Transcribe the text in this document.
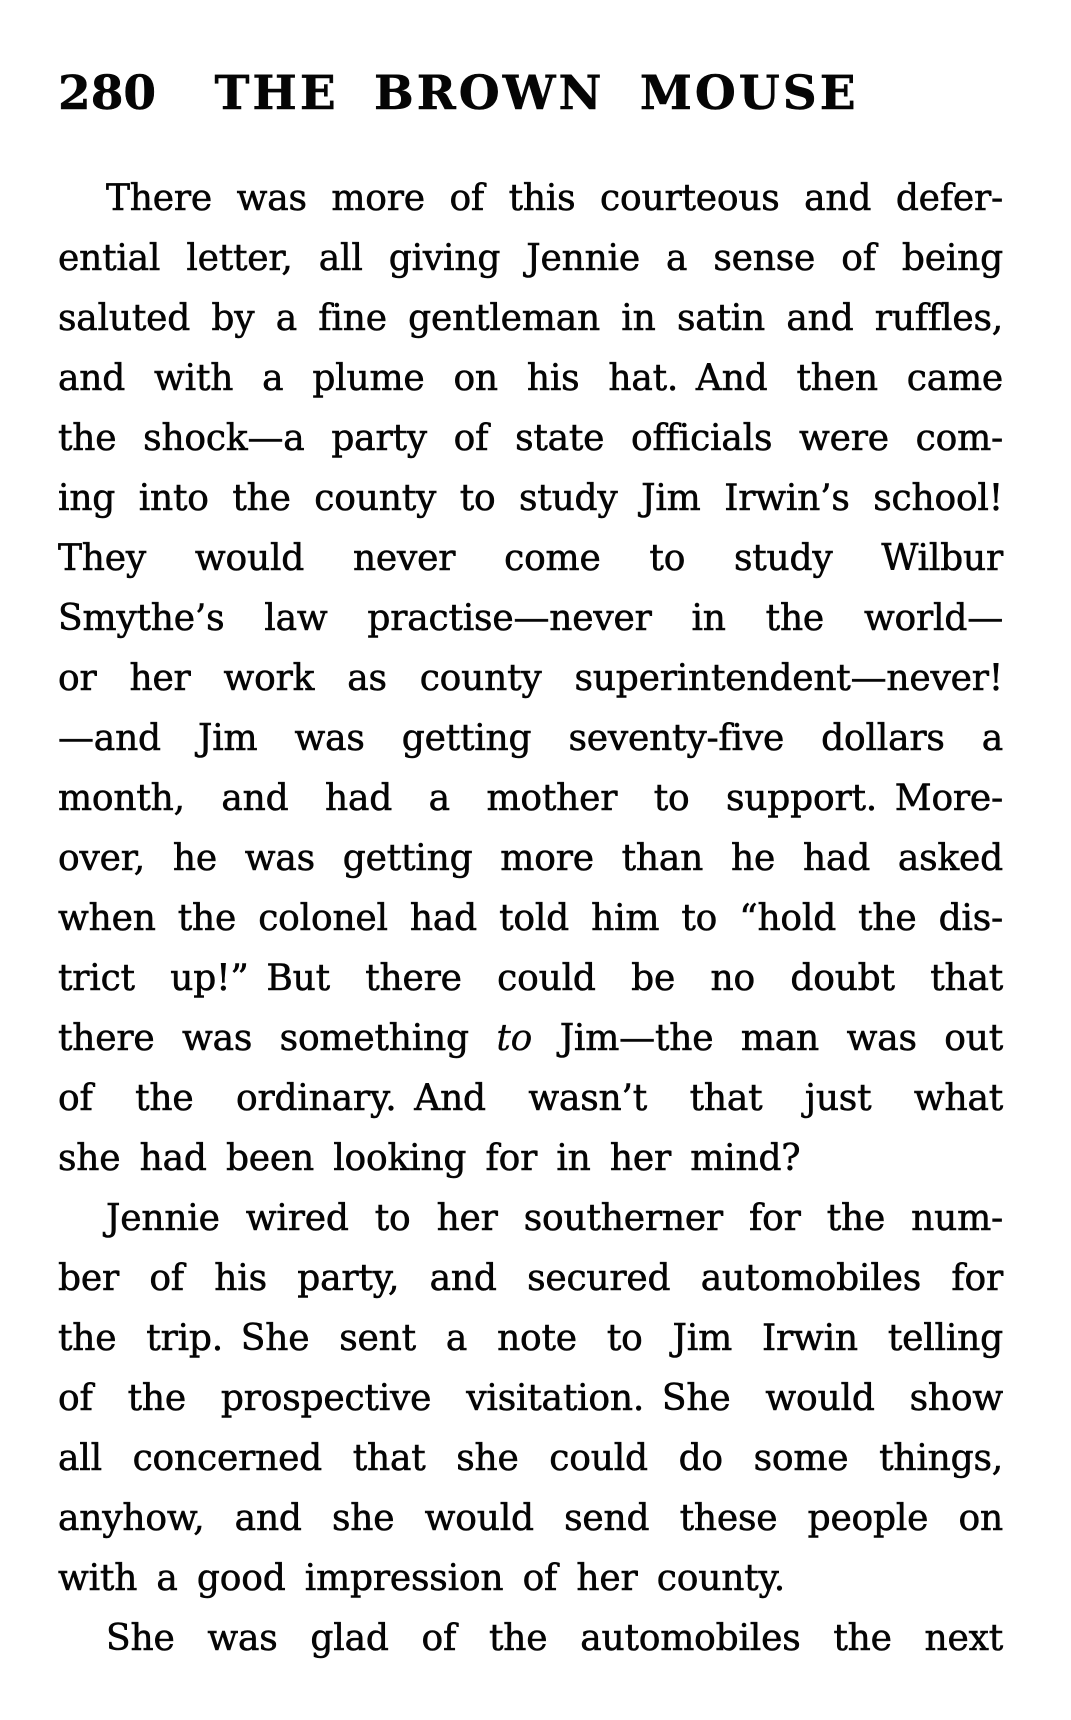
280	THE BROWN MOUSE
There was more of this courteous and defer-
ential letter, all giving Jennie a sense of being
saluted by a fine gentleman in satin and ruffles,
and with a plume on his hat. And then came
the shock—a party of state officials were com-
ing into the county to study Jim Irwin’s school!
They would never come to study Wilbur
Smythe’s law practise—never in the world—
or her work as county superintendent—never!
—and Jim was getting seventy-five dollars a
month, and had a mother to support. More-
over, he was getting more than he had asked
when the colonel had told him to “hold the dis-
trict up!” But there could be no doubt that
there was something to Jim—the man was out
of the ordinary. And wasn’t that just what
she had been looking for in her mind?
Jennie wired to her southerner for the num-
ber of his party, and secured automobiles for
the trip. She sent a note to Jim Irwin telling
of the prospective visitation. She would show
all concerned that she could do some things,
anyhow, and she would send these people on
with a good impression of her county.
She was glad of the automobiles the next
